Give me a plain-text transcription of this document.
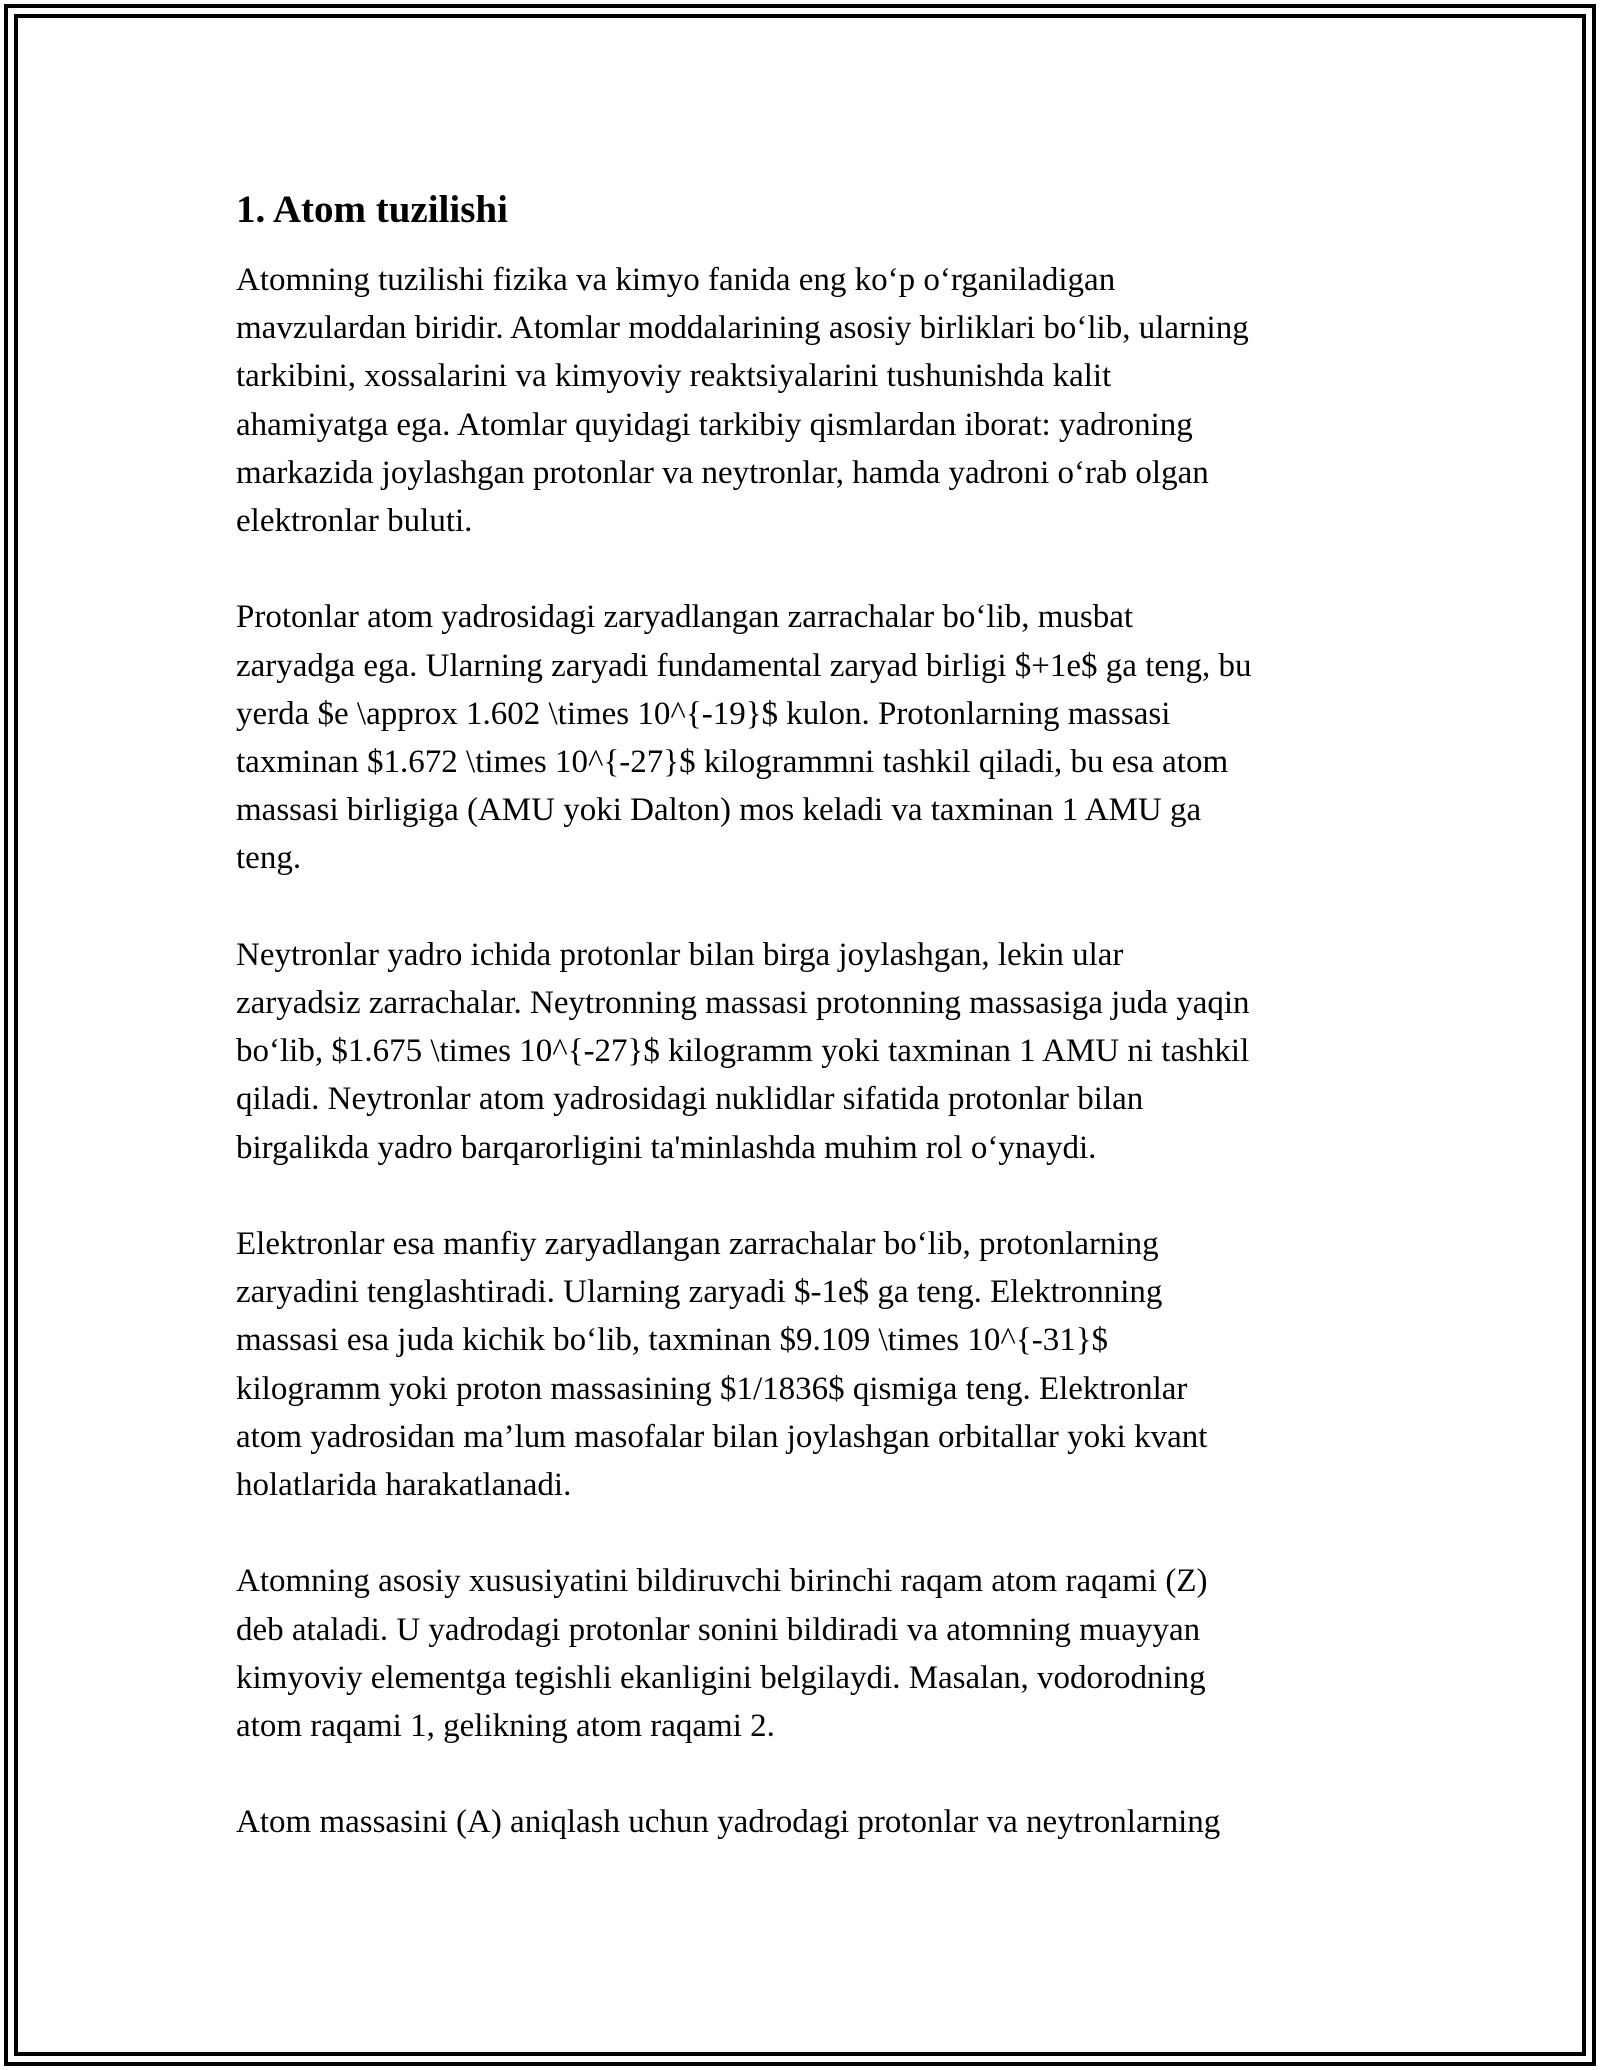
1. Atom tuzilishi

Atomning tuzilishi fizika va kimyo fanida eng ko‘p o‘rganiladigan
mavzulardan biridir. Atomlar moddalarining asosiy birliklari bo‘lib, ularning
tarkibini, xossalarini va kimyoviy reaktsiyalarini tushunishda kalit
ahamiyatga ega. Atomlar quyidagi tarkibiy qismlardan iborat: yadroning
markazida joylashgan protonlar va neytronlar, hamda yadroni o‘rab olgan
elektronlar buluti.

Protonlar atom yadrosidagi zaryadlangan zarrachalar bo‘lib, musbat
zaryadga ega. Ularning zaryadi fundamental zaryad birligi $+1e$ ga teng, bu
yerda $e \approx 1.602 \times 10^{-19}$ kulon. Protonlarning massasi
taxminan $1.672 \times 10^{-27}$ kilogrammni tashkil qiladi, bu esa atom
massasi birligiga (AMU yoki Dalton) mos keladi va taxminan 1 AMU ga
teng.

Neytronlar yadro ichida protonlar bilan birga joylashgan, lekin ular
zaryadsiz zarrachalar. Neytronning massasi protonning massasiga juda yaqin
bo‘lib, $1.675 \times 10^{-27}$ kilogramm yoki taxminan 1 AMU ni tashkil
qiladi. Neytronlar atom yadrosidagi nuklidlar sifatida protonlar bilan
birgalikda yadro barqarorligini ta'minlashda muhim rol o‘ynaydi.

Elektronlar esa manfiy zaryadlangan zarrachalar bo‘lib, protonlarning
zaryadini tenglashtiradi. Ularning zaryadi $-1e$ ga teng. Elektronning
massasi esa juda kichik bo‘lib, taxminan $9.109 \times 10^{-31}$
kilogramm yoki proton massasining $1/1836$ qismiga teng. Elektronlar
atom yadrosidan ma’lum masofalar bilan joylashgan orbitallar yoki kvant
holatlarida harakatlanadi.

Atomning asosiy xususiyatini bildiruvchi birinchi raqam atom raqami (Z)
deb ataladi. U yadrodagi protonlar sonini bildiradi va atomning muayyan
kimyoviy elementga tegishli ekanligini belgilaydi. Masalan, vodorodning
atom raqami 1, gelikning atom raqami 2.

Atom massasini (A) aniqlash uchun yadrodagi protonlar va neytronlarning
